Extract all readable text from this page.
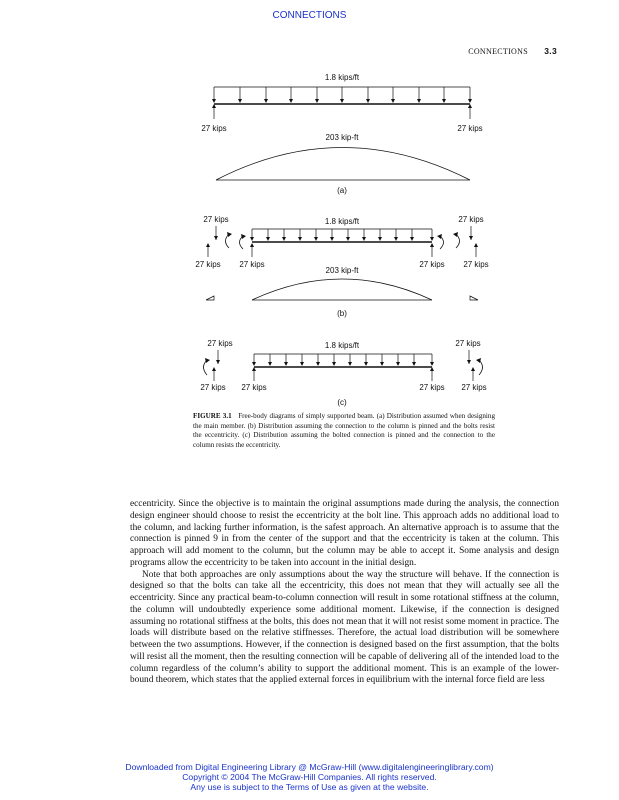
CONNECTIONS
CONNECTIONS 3.3
1.8 kips/ft
27 kips	27 kips
203 kip-ft
(a)
27 kips	27 kips
1.8 kips/ft
27 kips 27 kips	27 kips 27 kips
203 kip-ft
(b)
27 kips	27 kips
1.8 kips/ft
27 kips 27 kips	27 kips 27 kips
(c)
FIGURE 3.1 Free-body diagrams of simply supported beam. (a) Distribution assumed when designing the main member. (b) Distribution assuming the connection to the column is pinned and the bolts resist the eccentricity. (c) Distribution assuming the bolted connection is pinned and the connection to the column resists the eccentricity.

eccentricity. Since the objective is to maintain the original assumptions made during the analysis, the connection design engineer should choose to resist the eccentricity at the bolt line. This approach adds no additional load to the column, and lacking further information, is the safest approach. An alternative approach is to assume that the connection is pinned 9 in from the center of the support and that the eccentricity is taken at the column. This approach will add moment to the column, but the column may be able to accept it. Some analysis and design programs allow the eccentricity to be taken into account in the initial design.

Note that both approaches are only assumptions about the way the structure will behave. If the connection is designed so that the bolts can take all the eccentricity, this does not mean that they will actually see all the eccentricity. Since any practical beam-to-column connection will result in some rotational stiffness at the column, the column will undoubtedly experience some additional moment. Likewise, if the connection is designed assuming no rotational stiffness at the bolts, this does not mean that it will not resist some moment in practice. The loads will distribute based on the relative stiffnesses. Therefore, the actual load distribution will be somewhere between the two assumptions. However, if the connection is designed based on the first assumption, that the bolts will resist all the moment, then the resulting connection will be capable of delivering all of the intended load to the column regardless of the column’s ability to support the additional moment. This is an example of the lower-bound theorem, which states that the applied external forces in equilibrium with the internal force field are less

Downloaded from Digital Engineering Library @ McGraw-Hill (www.digitalengineeringlibrary.com)
Copyright © 2004 The McGraw-Hill Companies. All rights reserved.
Any use is subject to the Terms of Use as given at the website.
